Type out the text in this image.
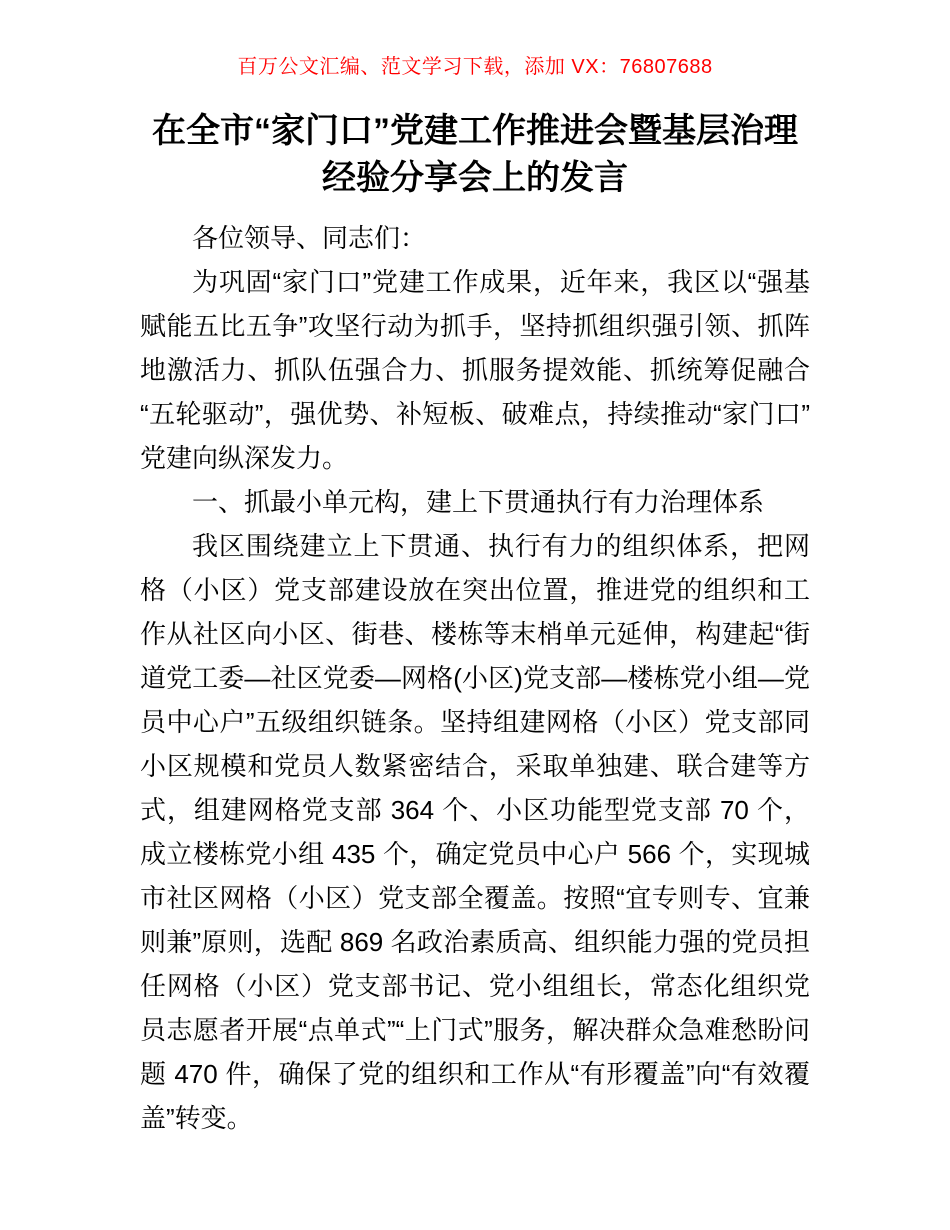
百万公文汇编、范文学习下载，添加 VX：76807688
在全市“家门口”党建工作推进会暨基层治理
经验分享会上的发言

各位领导、同志们：

为巩固“家门口”党建工作成果，近年来，我区以“强基赋能五比五争”攻坚行动为抓手，坚持抓组织强引领、抓阵地激活力、抓队伍强合力、抓服务提效能、抓统筹促融合“五轮驱动”，强优势、补短板、破难点，持续推动“家门口”党建向纵深发力。

一、抓最小单元构，建上下贯通执行有力治理体系

我区围绕建立上下贯通、执行有力的组织体系，把网格（小区）党支部建设放在突出位置，推进党的组织和工作从社区向小区、街巷、楼栋等末梢单元延伸，构建起“街道党工委—社区党委—网格(小区)党支部—楼栋党小组—党员中心户”五级组织链条。坚持组建网格（小区）党支部同小区规模和党员人数紧密结合，采取单独建、联合建等方式，组建网格党支部 364 个、小区功能型党支部 70 个，成立楼栋党小组 435 个，确定党员中心户 566 个，实现城市社区网格（小区）党支部全覆盖。按照“宜专则专、宜兼则兼”原则，选配 869 名政治素质高、组织能力强的党员担任网格（小区）党支部书记、党小组组长，常态化组织党员志愿者开展“点单式”“上门式”服务，解决群众急难愁盼问题 470 件，确保了党的组织和工作从“有形覆盖”向“有效覆盖”转变。
